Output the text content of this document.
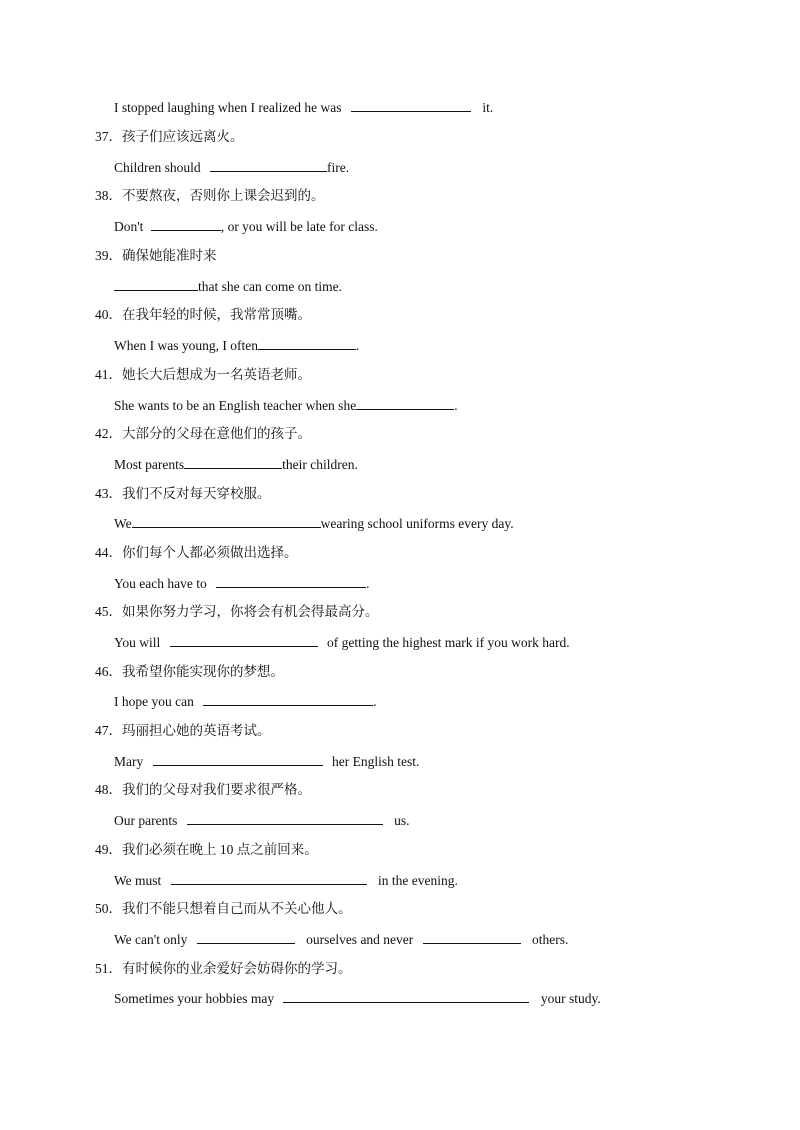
I stopped laughing when I realized he was	it.
37．孩子们应该远离火。
Children should	fire.
38．不要熬夜，否则你上课会迟到的。
Don't	, or you will be late for class.
39．确保她能准时来
that she can come on time.
40．在我年轻的时候，我常常顶嘴。
When I was young, I often	.
41．她长大后想成为一名英语老师。
She wants to be an English teacher when she	.
42．大部分的父母在意他们的孩子。
Most parents	their children.
43．我们不反对每天穿校服。
We	wearing school uniforms every day.
44．你们每个人都必须做出选择。
You each have to	.
45．如果你努力学习，你将会有机会得最高分。
You will	of getting the highest mark if you work hard.
46．我希望你能实现你的梦想。
I hope you can	.
47．玛丽担心她的英语考试。
Mary	her English test.
48．我们的父母对我们要求很严格。
Our parents	us.
49．我们必须在晚上 10 点之前回来。
We must	in the evening.
50．我们不能只想着自己而从不关心他人。
We can't only	ourselves and never	others.
51．有时候你的业余爱好会妨碍你的学习。
Sometimes your hobbies may	your study.
